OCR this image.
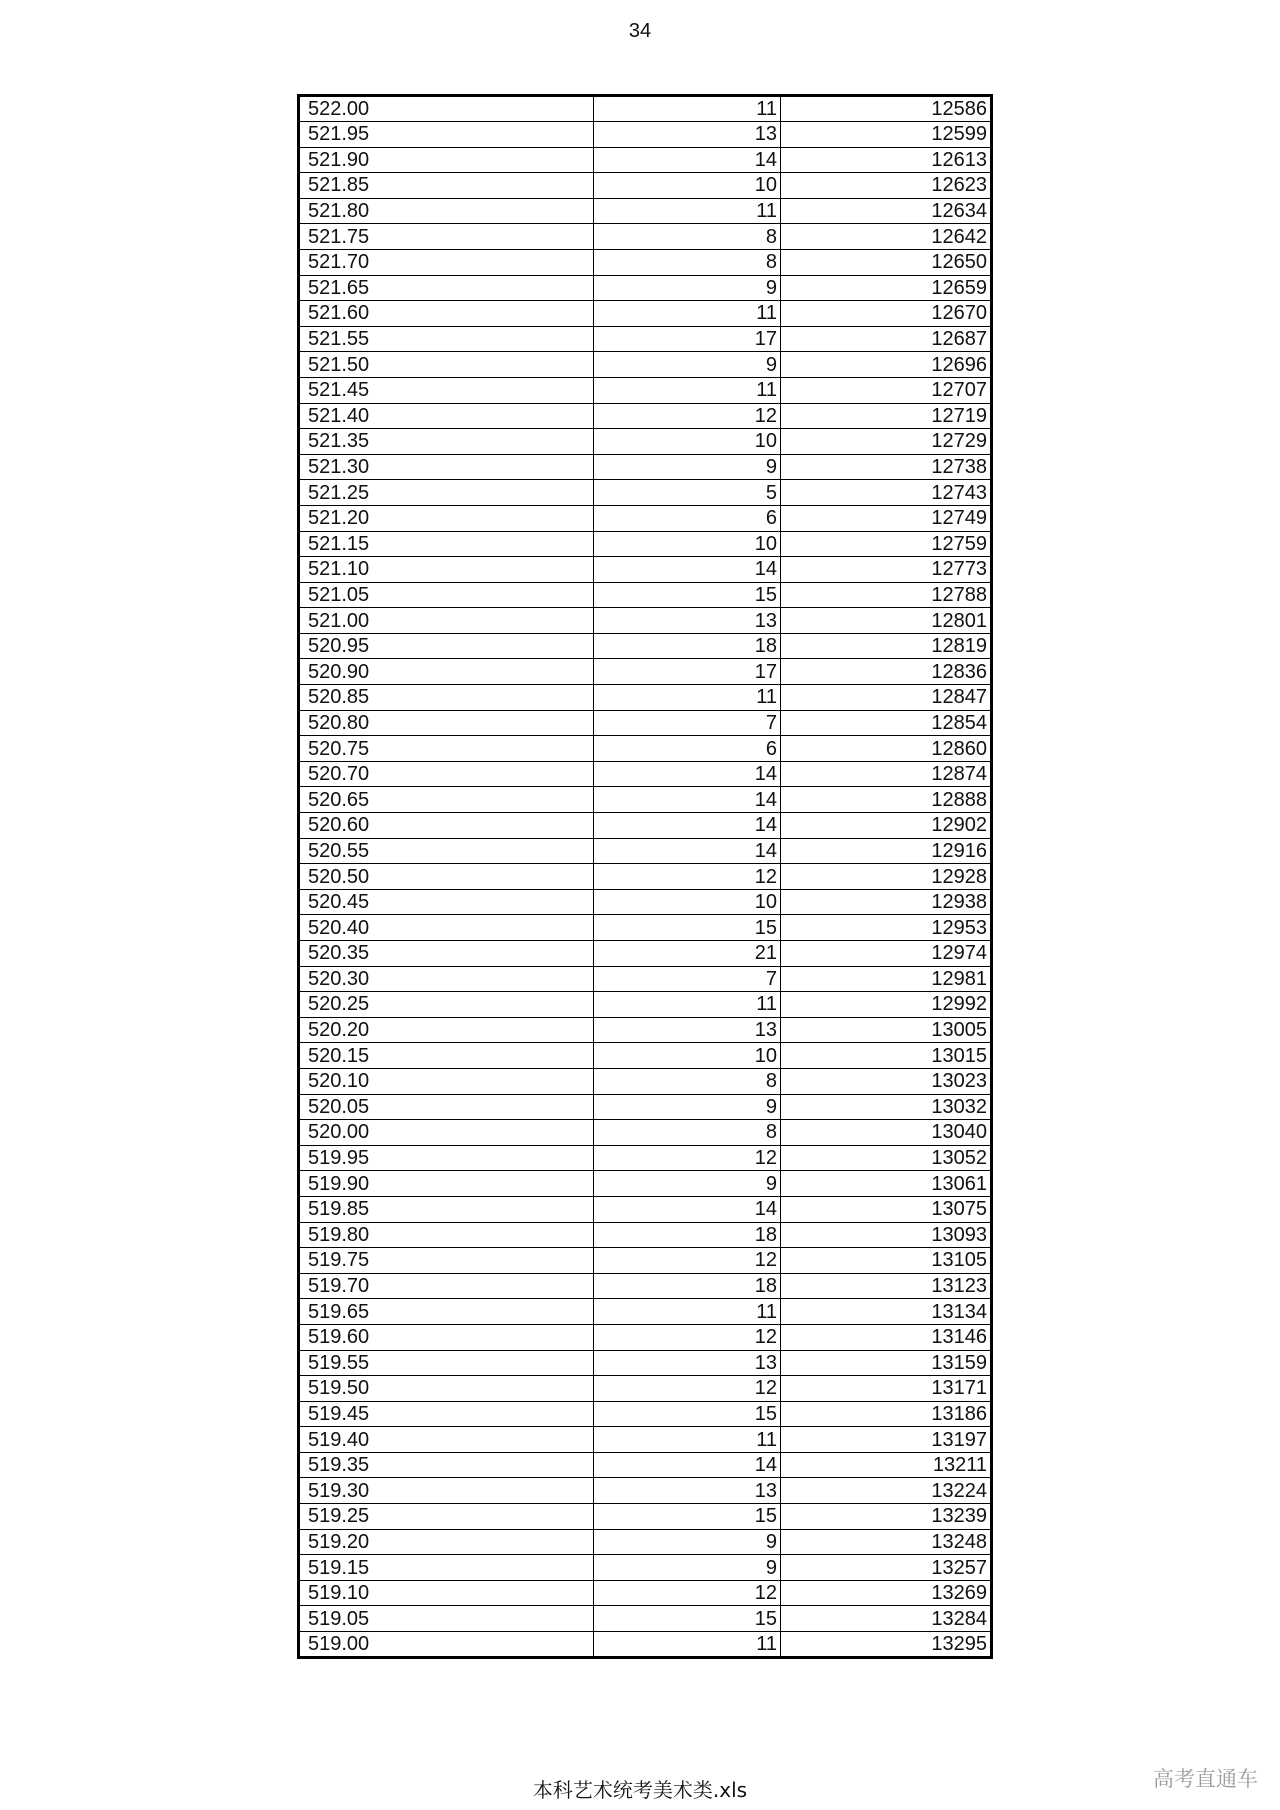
34
522.00	11	12586
521.95	13	12599
521.90	14	12613
521.85	10	12623
521.80	11	12634
521.75	8	12642
521.70	8	12650
521.65	9	12659
521.60	11	12670
521.55	17	12687
521.50	9	12696
521.45	11	12707
521.40	12	12719
521.35	10	12729
521.30	9	12738
521.25	5	12743
521.20	6	12749
521.15	10	12759
521.10	14	12773
521.05	15	12788
521.00	13	12801
520.95	18	12819
520.90	17	12836
520.85	11	12847
520.80	7	12854
520.75	6	12860
520.70	14	12874
520.65	14	12888
520.60	14	12902
520.55	14	12916
520.50	12	12928
520.45	10	12938
520.40	15	12953
520.35	21	12974
520.30	7	12981
520.25	11	12992
520.20	13	13005
520.15	10	13015
520.10	8	13023
520.05	9	13032
520.00	8	13040
519.95	12	13052
519.90	9	13061
519.85	14	13075
519.80	18	13093
519.75	12	13105
519.70	18	13123
519.65	11	13134
519.60	12	13146
519.55	13	13159
519.50	12	13171
519.45	15	13186
519.40	11	13197
519.35	14	13211
519.30	13	13224
519.25	15	13239
519.20	9	13248
519.15	9	13257
519.10	12	13269
519.05	15	13284
519.00	11	13295
本科艺术统考美术类.xls	高考直通车
